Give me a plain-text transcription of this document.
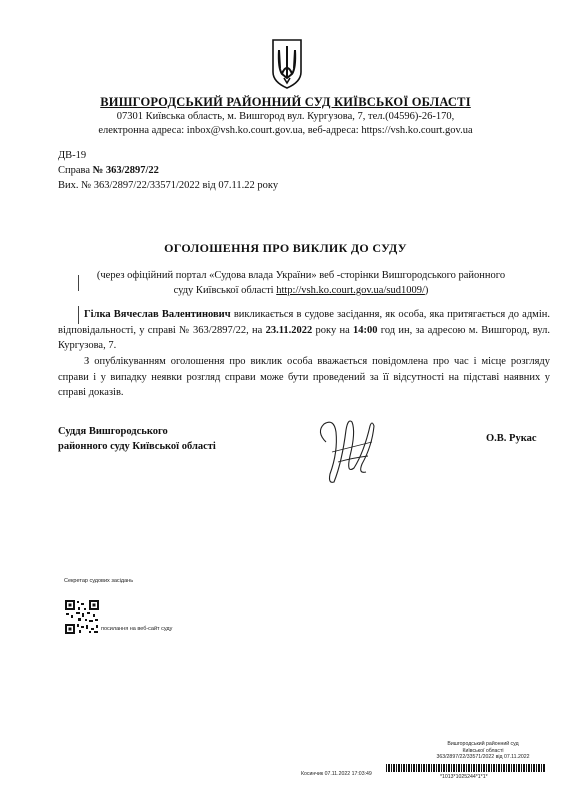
ВИШГОРОДСЬКИЙ РАЙОННИЙ СУД КИЇВСЬКОЇ ОБЛАСТІ
07301 Київська область, м. Вишгород вул. Кургузова, 7, тел.(04596)-26-170,
електронна адреса: inbox@vsh.ko.court.gov.ua, веб-адреса: https://vsh.ko.court.gov.ua
ДВ-19
Справа № 363/2897/22
Вих. № 363/2897/22/33571/2022 від 07.11.22 року
ОГОЛОШЕННЯ ПРО ВИКЛИК ДО СУДУ
(через офіційний портал «Судова влада України» веб -сторінки Вишгородського районного суду Київської області http://vsh.ko.court.gov.ua/sud1009/)
Гілка Вячеслав Валентинович викликається в судове засідання, як особа, яка притягається до адмін. відповідальності, у справі № 363/2897/22, на 23.11.2022 року на 14:00 год ин, за адресою м. Вишгород, вул. Кургузова, 7.
З опублікуванням оголошення про виклик особа вважається повідомлена про час і місце розгляду справи і у випадку неявки розгляд справи може бути проведений за її відсутності на підставі наявних у справі доказів.
Суддя Вишгородського
районного суду Київської області
О.В. Рукас
Секретар судових засідань
посилання на веб-сайт суду
Вишгородський районний суд
Київської області
363/2897/22/33571/2022 від 07.11.2022
Косинчик 07.11.2022 17:03:49	*1013*1025244*1*1*
